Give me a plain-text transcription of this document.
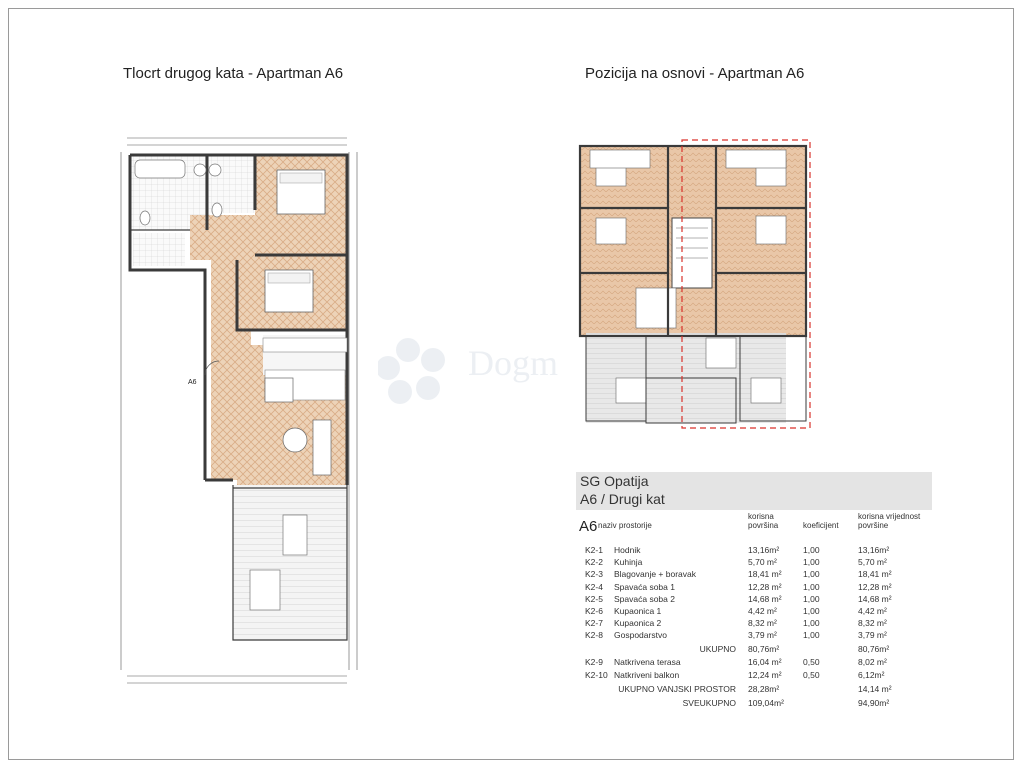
Tlocrt drugog kata - Apartman A6	Pozicija na osnovi - Apartman A6
A6	Dogm
SG Opatija
A6 / Drugi kat
A6 naziv prostorije
korisna površina	koeficijent
korisna vrijednost površine
K2-1 Hodnik	13,16m²	1,00	13,16m²
K2-2 Kuhinja	5,70 m²	1,00	5,70 m²
K2-3 Blagovanje + boravak	18,41 m²	1,00	18,41 m²
K2-4 Spavaća soba 1	12,28 m²	1,00	12,28 m²
K2-5 Spavaća soba 2	14,68 m²	1,00	14,68 m²
K2-6 Kupaonica 1	4,42 m²	1,00	4,42 m²
K2-7 Kupaonica 2	8,32 m²	1,00	8,32 m²
K2-8 Gospodarstvo	3,79 m²	1,00	3,79 m²
UKUPNO 80,76m²	80,76m²
K2-9 Natkrivena terasa	16,04 m²	0,50	8,02 m²
K2-10 Natkriveni balkon	12,24 m²	0,50	6,12m²
UKUPNO VANJSKI PROSTOR 28,28m²	14,14 m²
SVEUKUPNO 109,04m²	94,90m²
